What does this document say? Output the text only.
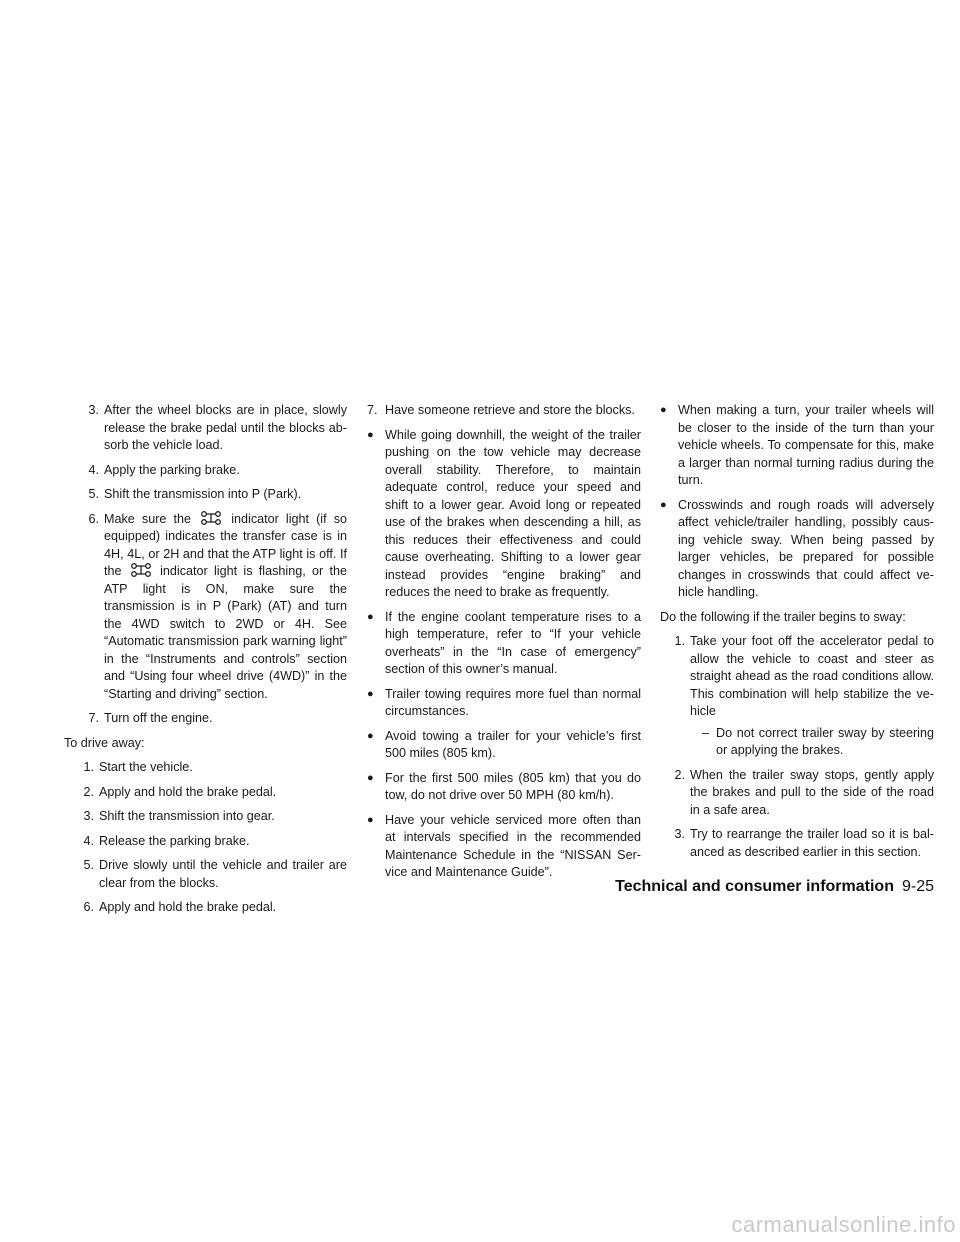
3. After the wheel blocks are in place, slowly release the brake pedal until the blocks absorb the vehicle load.
4. Apply the parking brake.
5. Shift the transmission into P (Park).
6. Make sure the	indicator light (if so equipped) indicates the transfer case is in 4H, 4L, or 2H and that the ATP light is off. If the	indicator light is flashing, or the ATP light is ON, make sure the transmission is in P (Park) (AT) and turn the 4WD switch to 2WD or 4H. See “Automatic transmission park warning light” in the “Instruments and controls” section and “Using four wheel drive (4WD)” in the “Starting and driving” section.
7. Turn off the engine.
To drive away:
1. Start the vehicle.
2. Apply and hold the brake pedal.
3. Shift the transmission into gear.
4. Release the parking brake.
5. Drive slowly until the vehicle and trailer are clear from the blocks.
6. Apply and hold the brake pedal.
7. Have someone retrieve and store the blocks.
● While going downhill, the weight of the trailer pushing on the tow vehicle may decrease overall stability. Therefore, to maintain adequate control, reduce your speed and shift to a lower gear. Avoid long or repeated use of the brakes when descending a hill, as this reduces their effectiveness and could cause overheating. Shifting to a lower gear instead provides “engine braking” and reduces the need to brake as frequently.
● If the engine coolant temperature rises to a high temperature, refer to “If your vehicle overheats” in the “In case of emergency” section of this owner’s manual.
● Trailer towing requires more fuel than normal circumstances.
● Avoid towing a trailer for your vehicle’s first 500 miles (805 km).
● For the first 500 miles (805 km) that you do tow, do not drive over 50 MPH (80 km/h).
● Have your vehicle serviced more often than at intervals specified in the recommended Maintenance Schedule in the “NISSAN Service and Maintenance Guide”.
● When making a turn, your trailer wheels will be closer to the inside of the turn than your vehicle wheels. To compensate for this, make a larger than normal turning radius during the turn.
● Crosswinds and rough roads will adversely affect vehicle/trailer handling, possibly causing vehicle sway. When being passed by larger vehicles, be prepared for possible changes in crosswinds that could affect vehicle handling.
Do the following if the trailer begins to sway:
1. Take your foot off the accelerator pedal to allow the vehicle to coast and steer as straight ahead as the road conditions allow. This combination will help stabilize the vehicle
– Do not correct trailer sway by steering or applying the brakes.
2. When the trailer sway stops, gently apply the brakes and pull to the side of the road in a safe area.
3. Try to rearrange the trailer load so it is balanced as described earlier in this section.
Technical and consumer information 9-25
carmanualsonline.info
